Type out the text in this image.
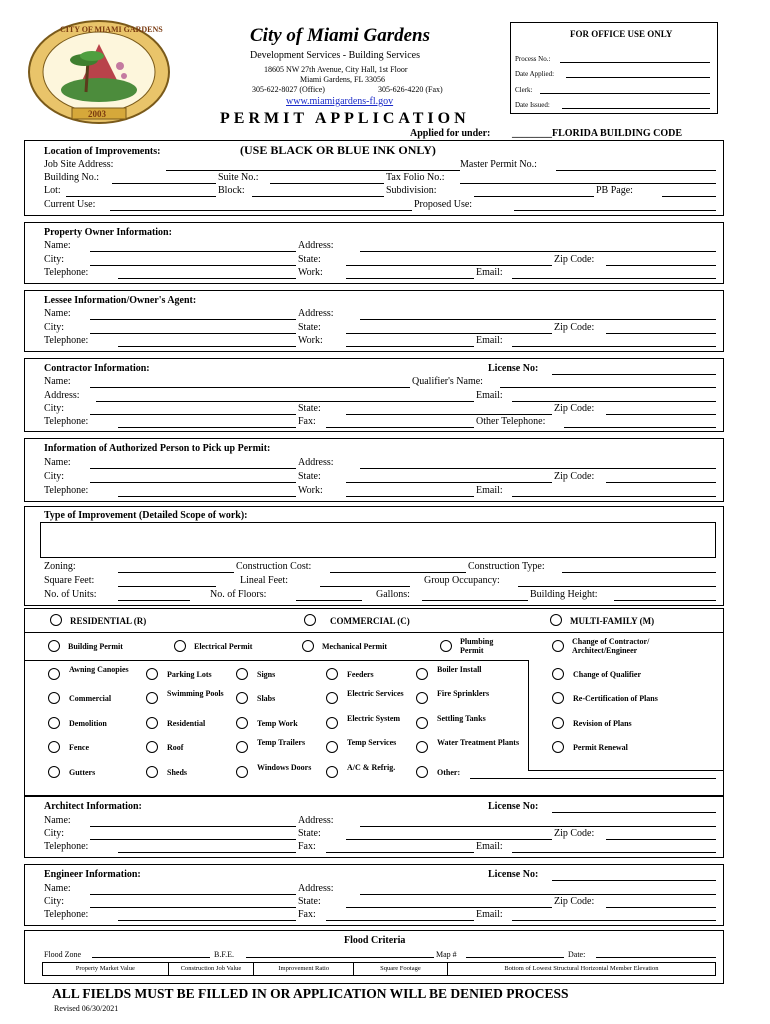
CITY OF MIAMI GARDENS
2003
City of Miami Gardens
Development Services - Building Services
18605 NW 27th Avenue, City Hall, 1st Floor
Miami Gardens, FL 33056
305-622-8027 (Office)	305-626-4220 (Fax)
www.miamigardens-fl.gov
FOR OFFICE USE ONLY
Process No.:
Date Applied:
Clerk:
Date Issued:
PERMIT APPLICATION
Applied for under: ________FLORIDA BUILDING CODE
Location of Improvements:	(USE BLACK OR BLUE INK ONLY)
Job Site Address:	Master Permit No.:
Building No.:	Suite No.:	Tax Folio No.:
Lot:	Block:	Subdivision:	PB Page:
Current Use:	Proposed Use:
Property Owner Information:
Name:	Address:
City:	State:	Zip Code:
Telephone:	Work:	Email:
Lessee Information/Owner's Agent:
Name:	Address:
City:	State:	Zip Code:
Telephone:	Work:	Email:
Contractor Information:	License No:
Name:	Qualifier's Name:
Address:	Email:
City:	State:	Zip Code:
Telephone:	Fax:	Other Telephone:
Information of Authorized Person to Pick up Permit:
Name:	Address:
City:	State:	Zip Code:
Telephone:	Work:	Email:
Type of Improvement (Detailed Scope of work):
Zoning:	Construction Cost:	Construction Type:
Square Feet:	Lineal Feet:	Group Occupancy:
No. of Units:	No. of Floors:	Gallons:	Building Height:
RESIDENTIAL (R)	COMMERCIAL (C)	MULTI-FAMILY (M)
Building Permit	Electrical Permit	Mechanical Permit
Plumbing Permit
Change of Contractor/ Architect/Engineer
Awning Canopies
Commercial
Demolition
Fence
Gutters
Parking Lots
Swimming Pools
Residential
Roof
Sheds
Signs
Slabs
Temp Work
Temp Trailers
Windows Doors
Feeders
Electric Services
Electric System
Temp Services
A/C & Refrig.
Boiler Install
Fire Sprinklers
Settling Tanks
Water Treatment Plants
Other:
Change of Qualifier
Re-Certification of Plans
Revision of Plans
Permit Renewal
Architect Information:	License No:
Name:	Address:
City:	State:	Zip Code:
Telephone:	Fax:	Email:
Engineer Information:	License No:
Name:	Address:
City:	State:	Zip Code:
Telephone:	Fax:	Email:
Flood Criteria
Flood Zone	B.F.E.	Map #	Date:
Property Market Value	Construction Job Value	Improvement Ratio	Square Footage	Bottom of Lowest Structural Horizontal Member Elevation
ALL FIELDS MUST BE FILLED IN OR APPLICATION WILL BE DENIED PROCESS
Revised 06/30/2021
